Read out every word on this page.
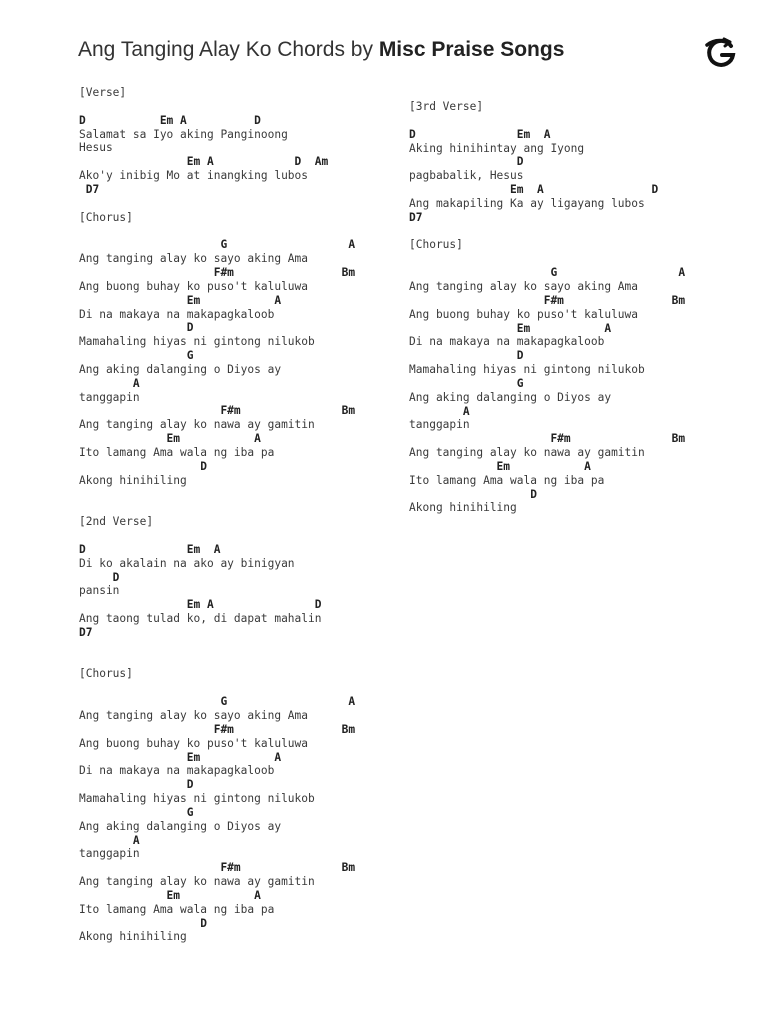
Ang Tanging Alay Ko Chords by Misc Praise Songs
[Verse]
D           Em A          D
Salamat sa Iyo aking Panginoong
Hesus
Em A            D  Am
Ako'y inibig Mo at inangking lubos
D7
[Chorus]
G                  A
Ang tanging alay ko sayo aking Ama
F#m                Bm
Ang buong buhay ko puso't kaluluwa
Em           A
Di na makaya na makapagkaloob
D
Mamahaling hiyas ni gintong nilukob
G
Ang aking dalanging o Diyos ay
A
tanggapin
F#m               Bm
Ang tanging alay ko nawa ay gamitin
Em           A
Ito lamang Ama wala ng iba pa
D
Akong hinihiling
[2nd Verse]
D               Em  A
Di ko akalain na ako ay binigyan
D
pansin
Em A               D
Ang taong tulad ko, di dapat mahalin
D7
[Chorus]
G                  A
Ang tanging alay ko sayo aking Ama
F#m                Bm
Ang buong buhay ko puso't kaluluwa
Em           A
Di na makaya na makapagkaloob
D
Mamahaling hiyas ni gintong nilukob
G
Ang aking dalanging o Diyos ay
A
tanggapin
F#m               Bm
Ang tanging alay ko nawa ay gamitin
Em           A
Ito lamang Ama wala ng iba pa
D
Akong hinihiling
[3rd Verse]
D               Em  A
Aking hinihintay ang Iyong
D
pagbabalik, Hesus
Em  A                D
Ang makapiling Ka ay ligayang lubos
D7
[Chorus]
G                  A
Ang tanging alay ko sayo aking Ama
F#m                Bm
Ang buong buhay ko puso't kaluluwa
Em           A
Di na makaya na makapagkaloob
D
Mamahaling hiyas ni gintong nilukob
G
Ang aking dalanging o Diyos ay
A
tanggapin
F#m               Bm
Ang tanging alay ko nawa ay gamitin
Em           A
Ito lamang Ama wala ng iba pa
D
Akong hinihiling
